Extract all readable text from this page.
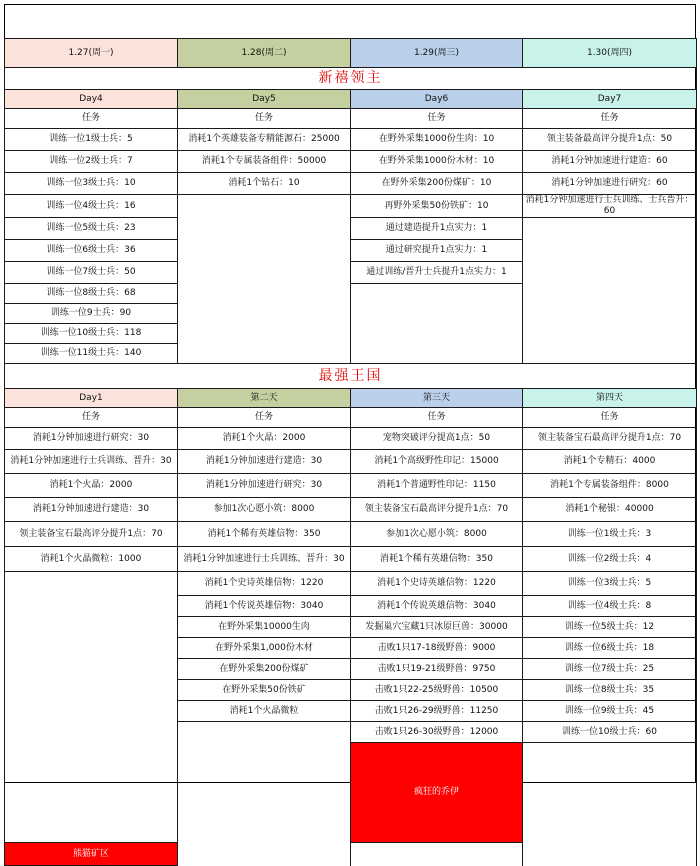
1.27(周一)	1.28(周二)	1.29(周三)	1.30(周四)	
新禧领主				
Day4	Day5	Day6	Day7	
任务	任务	任务	任务	
训练一位1级士兵：5	消耗1个英雄装备专精能源石：25000	在野外采集1000份生肉：10	领主装备最高评分提升1点：50	
训练一位2级士兵：7	消耗1个专属装备组件：50000	在野外采集1000份木材：10	消耗1分钟加速进行建造：60	
训练一位3级士兵：10	消耗1个钻石：10	在野外采集200份煤矿：10	消耗1分钟加速进行研究：60	
训练一位4级士兵：16		再野外采集50份铁矿：10	消耗1分钟加速进行士兵训练、士兵晋升：60	
训练一位5级士兵：23		通过建造提升1点实力：1		
训练一位6级士兵：36		通过研究提升1点实力：1		
训练一位7级士兵：50		通过训练/晋升士兵提升1点实力：1		
训练一位8级士兵：68				
训练一位9士兵：90				
训练一位10级士兵：118				
训练一位11级士兵：140				
最强王国				
Day1	第二天	第三天	第四天	
任务	任务	任务	任务	
消耗1分钟加速进行研究：30	消耗1个火晶：2000	宠物突破评分提高1点：50	领主装备宝石最高评分提升1点：70	
消耗1分钟加速进行士兵训练、晋升：30	消耗1分钟加速进行建造：30	消耗1个高级野性印记：15000	消耗1个专精石：4000	
消耗1个火晶：2000	消耗1分钟加速进行研究：30	消耗1个普通野性印记：1150	消耗1个专属装备组件：8000	
消耗1分钟加速进行建造：30	参加1次心愿小筑：8000	领主装备宝石最高评分提升1点：70	消耗1个秘银：40000	
领主装备宝石最高评分提升1点：70	消耗1个稀有英雄信物：350	参加1次心愿小筑：8000	训练一位1级士兵：3	
消耗1个火晶微粒：1000	消耗1分钟加速进行士兵训练、晋升：30	消耗1个稀有英雄信物：350	训练一位2级士兵：4	
	消耗1个史诗英雄信物：1220	消耗1个史诗英雄信物：1220	训练一位3级士兵：5	
	消耗1个传说英雄信物：3040	消耗1个传说英雄信物：3040	训练一位4级士兵：8	
	在野外采集10000生肉	发掘巢穴宝藏1只冰原巨兽：30000	训练一位5级士兵：12	
	在野外采集1,000份木材	击败1只17-18级野兽：9000	训练一位6级士兵：18	
	在野外采集200份煤矿	击败1只19-21级野兽：9750	训练一位7级士兵：25	
	在野外采集50份铁矿	击败1只22-25级野兽：10500	训练一位8级士兵：35	
	消耗1个火晶微粒	击败1只26-29级野兽：11250	训练一位9级士兵：45	
		击败1只26-30级野兽：12000	训练一位10级士兵：60	
		疯狂的乔伊		
熊猫矿区				
